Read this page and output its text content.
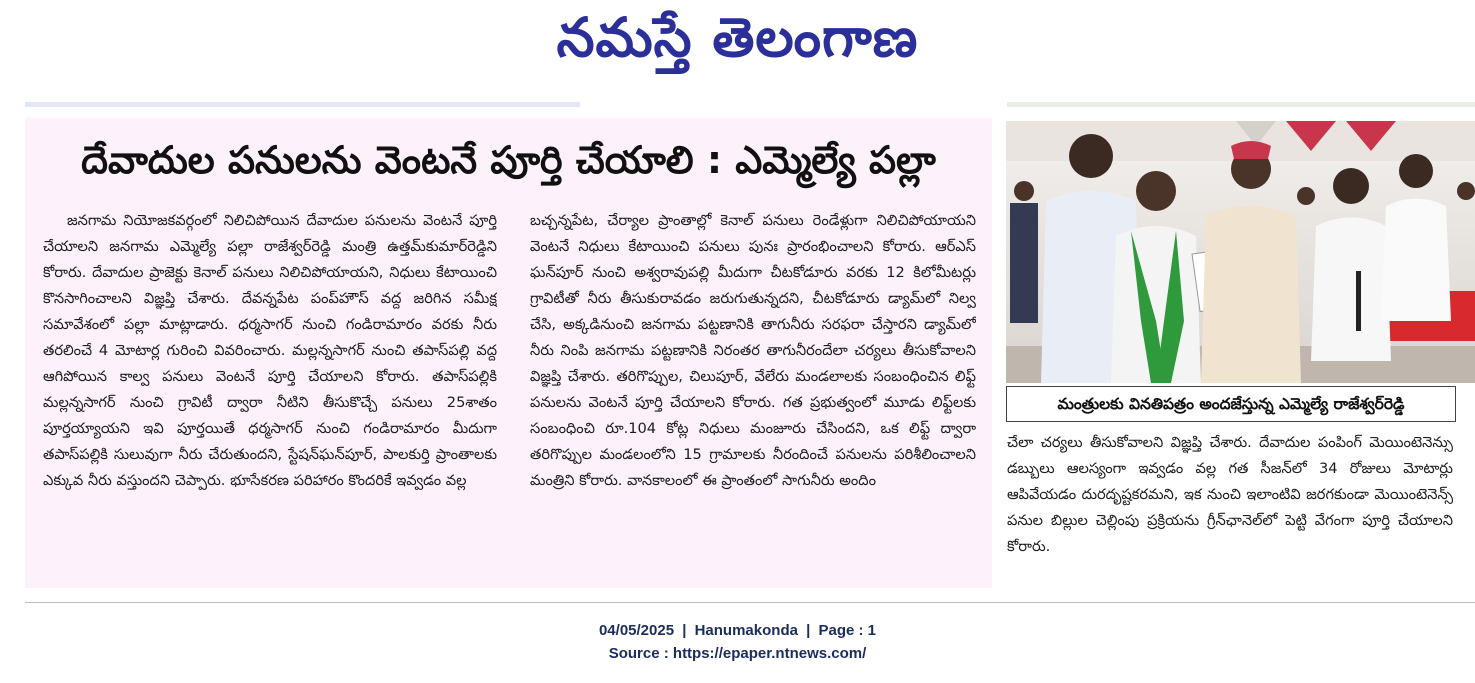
నమస్తే తెలంగాణ
దేవాదుల పనులను వెంటనే పూర్తి చేయాలి : ఎమ్మెల్యే పల్లా

జనగామ నియోజకవర్గంలో నిలిచిపోయిన దేవాదుల పనులను వెంటనే పూర్తి చేయాలని జనగామ ఎమ్మెల్యే పల్లా రాజేశ్వర్‌రెడ్డి మంత్రి ఉత్తమ్‌కుమార్‌రెడ్డిని కోరారు. దేవాదుల ప్రాజెక్టు కెనాల్ పనులు నిలిచిపోయాయని, నిధులు కేటాయించి కొనసాగించాలని విజ్ఞప్తి చేశారు. దేవన్నపేట పంప్‌హౌస్ వద్ద జరిగిన సమీక్ష సమావేశంలో పల్లా మాట్లాడారు. ధర్మసాగర్ నుంచి గండిరామారం వరకు నీరు తరలించే 4 మోటార్ల గురించి వివరించారు. మల్లన్నసాగర్ నుంచి తపాస్‌పల్లి వద్ద ఆగిపోయిన కాల్వ పనులు వెంటనే పూర్తి చేయాలని కోరారు. తపాస్‌పల్లికి మల్లన్నసాగర్ నుంచి గ్రావిటీ ద్వారా నీటిని తీసుకొచ్చే పనులు 25శాతం పూర్తయ్యాయని ఇవి పూర్తయితే ధర్మసాగర్ నుంచి గండిరామారం మీదుగా తపాస్‌పల్లికి సులువుగా నీరు చేరుతుందని, స్టేషన్‌ఘన్‌పూర్, పాలకుర్తి ప్రాంతాలకు ఎక్కువ నీరు వస్తుందని చెప్పారు. భూసేకరణ పరిహారం కొందరికే ఇవ్వడం వల్ల

బచ్చన్నపేట, చేర్యాల ప్రాంతాల్లో కెనాల్ పనులు రెండేళ్లుగా నిలిచిపోయాయని వెంటనే నిధులు కేటాయించి పనులు పునః ప్రారంభించాలని కోరారు. ఆర్‌ఎస్ ఘన్‌పూర్ నుంచి అశ్వరావుపల్లి మీదుగా చీటకోడూరు వరకు 12 కిలోమీటర్లు గ్రావిటీతో నీరు తీసుకురావడం జరుగుతున్నదని, చీటకోడూరు డ్యామ్‌లో నిల్వ చేసి, అక్కడినుంచి జనగామ పట్టణానికి తాగునీరు సరఫరా చేస్తారని డ్యామ్‌లో నీరు నింపి జనగామ పట్టణానికి నిరంతర తాగునీరందేలా చర్యలు తీసుకోవాలని విజ్ఞప్తి చేశారు. తరిగొప్పుల, చిలుపూర్, వేలేరు మండలాలకు సంబంధించిన లిఫ్ట్ పనులను వెంటనే పూర్తి చేయాలని కోరారు. గత ప్రభుత్వంలో మూడు లిఫ్ట్‌లకు సంబంధించి రూ.104 కోట్ల నిధులు మంజూరు చేసిందని, ఒక లిఫ్ట్ ద్వారా తరిగొప్పుల మండలంలోని 15 గ్రామాలకు నీరందించే పనులను పరిశీలించాలని మంత్రిని కోరారు. వానకాలంలో ఈ ప్రాంతంలో సాగునీరు అందిం

మంత్రులకు వినతిపత్రం అందజేస్తున్న ఎమ్మెల్యే రాజేశ్వర్‌రెడ్డి
చేలా చర్యలు తీసుకోవాలని విజ్ఞప్తి చేశారు. దేవాదుల పంపింగ్ మెయింటెనెన్సు డబ్బులు ఆలస్యంగా ఇవ్వడం వల్ల గత సీజన్‌లో 34 రోజులు మోటార్లు ఆపివేయడం దురదృష్టకరమని, ఇక నుంచి ఇలాంటివి జరగకుండా మెయింటెనెన్స్ పనుల బిల్లుల చెల్లింపు ప్రక్రియను గ్రీన్‌ఛానెల్‌లో పెట్టి వేగంగా పూర్తి చేయాలని కోరారు.
04/05/2025 | Hanumakonda | Page : 1
Source : https://epaper.ntnews.com/
